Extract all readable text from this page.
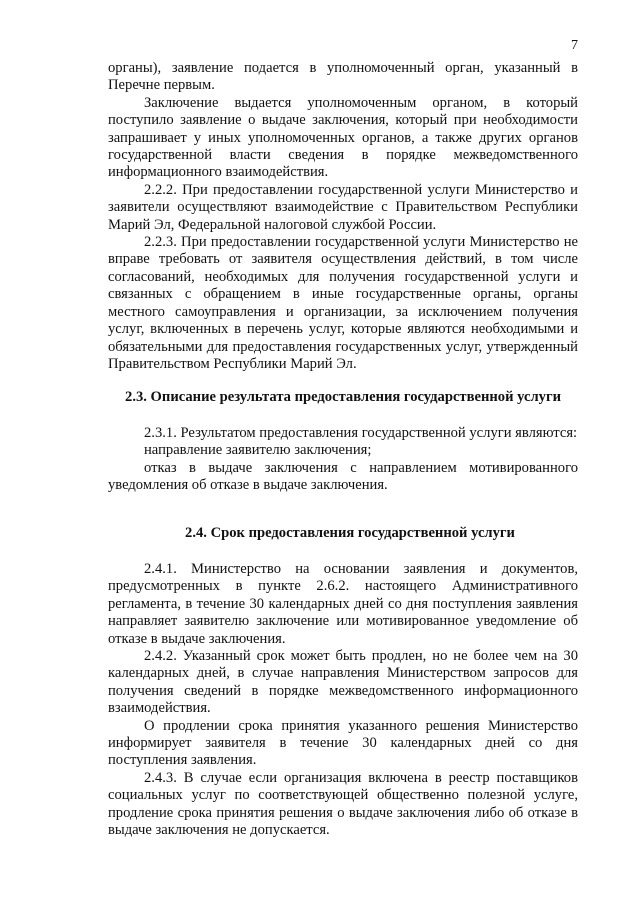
7

органы), заявление подается в уполномоченный орган, указанный в Перечне первым.

Заключение выдается уполномоченным органом, в который поступило заявление о выдаче заключения, который при необходимости запрашивает у иных уполномоченных органов, а также других органов государственной власти сведения в порядке межведомственного информационного взаимодействия.

2.2.2. При предоставлении государственной услуги Министерство и заявители осуществляют взаимодействие с Правительством Республики Марий Эл, Федеральной налоговой службой России.

2.2.3. При предоставлении государственной услуги Министерство не вправе требовать от заявителя осуществления действий, в том числе согласований, необходимых для получения государственной услуги и связанных с обращением в иные государственные органы, органы местного самоуправления и организации, за исключением получения услуг, включенных в перечень услуг, которые являются необходимыми и обязательными для предоставления государственных услуг, утвержденный Правительством Республики Марий Эл.

2.3. Описание результата предоставления государственной услуги

2.3.1. Результатом предоставления государственной услуги являются:

направление заявителю заключения;

отказ в выдаче заключения с направлением мотивированного уведомления об отказе в выдаче заключения.

2.4. Срок предоставления государственной услуги

2.4.1. Министерство на основании заявления и документов, предусмотренных в пункте 2.6.2. настоящего Административного регламента, в течение 30 календарных дней со дня поступления заявления направляет заявителю заключение или мотивированное уведомление об отказе в выдаче заключения.

2.4.2. Указанный срок может быть продлен, но не более чем на 30 календарных дней, в случае направления Министерством запросов для получения сведений в порядке межведомственного информационного взаимодействия.

О продлении срока принятия указанного решения Министерство информирует заявителя в течение 30 календарных дней со дня поступления заявления.

2.4.3. В случае если организация включена в реестр поставщиков социальных услуг по соответствующей общественно полезной услуге, продление срока принятия решения о выдаче заключения либо об отказе в выдаче заключения не допускается.
